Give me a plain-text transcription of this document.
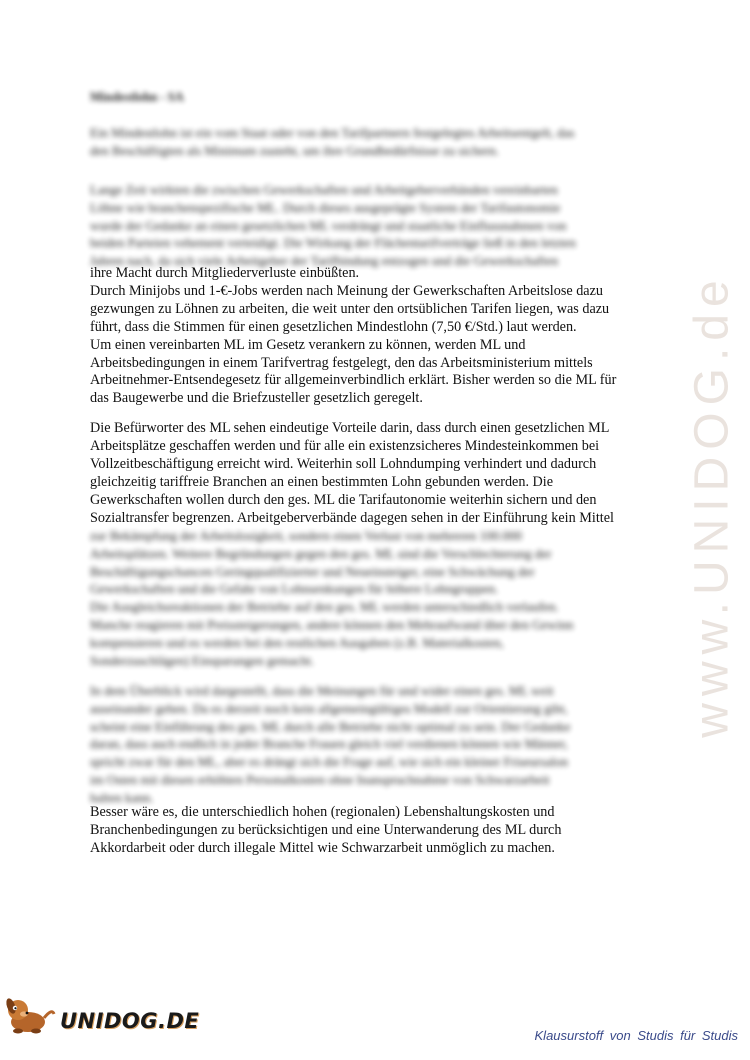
Mindestlohn - SA
Ein Mindestlohn ist ein vom Staat oder von den Tarifpartnern festgelegtes Arbeitsentgelt, das
den Beschäftigten als Minimum zusteht, um ihre Grundbedürfnisse zu sichern.
Lange Zeit wirkten die zwischen Gewerkschaften und Arbeitgeberverbänden vereinbarten
Löhne wie branchenspezifische ML. Durch dieses ausgeprägte System der Tarifautonomie
wurde der Gedanke an einen gesetzlichen ML verdrängt und staatliche Einflussnahmen von
beiden Parteien vehement verteidigt. Die Wirkung der Flächentarifverträge ließ in den letzten
Jahren nach, da sich viele Arbeitgeber der Tarifbindung entzogen und die Gewerkschaften
ihre Macht durch Mitgliederverluste einbüßten.
Durch Minijobs und 1-€-Jobs werden nach Meinung der Gewerkschaften Arbeitslose dazu
gezwungen zu Löhnen zu arbeiten, die weit unter den ortsüblichen Tarifen liegen, was dazu
führt, dass die Stimmen für einen gesetzlichen Mindestlohn (7,50 €/Std.) laut werden.
Um einen vereinbarten ML im Gesetz verankern zu können, werden ML und
Arbeitsbedingungen in einem Tarifvertrag festgelegt, den das Arbeitsministerium mittels
Arbeitnehmer-Entsendegesetz für allgemeinverbindlich erklärt. Bisher werden so die ML für
das Baugewerbe und die Briefzusteller gesetzlich geregelt.
Die Befürworter des ML sehen eindeutige Vorteile darin, dass durch einen gesetzlichen ML
Arbeitsplätze geschaffen werden und für alle ein existenzsicheres Mindesteinkommen bei
Vollzeitbeschäftigung erreicht wird. Weiterhin soll Lohndumping verhindert und dadurch
gleichzeitig tariffreie Branchen an einen bestimmten Lohn gebunden werden. Die
Gewerkschaften wollen durch den ges. ML die Tarifautonomie weiterhin sichern und den
Sozialtransfer begrenzen. Arbeitgeberverbände dagegen sehen in der Einführung kein Mittel
zur Bekämpfung der Arbeitslosigkeit, sondern einen Verlust von mehreren 100.000
Arbeitsplätzen. Weitere Begründungen gegen den ges. ML sind die Verschlechterung der
Beschäftigungschancen Geringqualifizierter und Neueinsteiger, eine Schwächung der
Gewerkschaften und die Gefahr von Lohnsenkungen für höhere Lohngruppen.
Die Ausgleichsreaktionen der Betriebe auf den ges. ML werden unterschiedlich verlaufen.
Manche reagieren mit Preissteigerungen, andere können den Mehraufwand über den Gewinn
kompensieren und es werden bei den restlichen Ausgaben (z.B. Materialkosten,
Sonderzuschlägen) Einsparungen gemacht.
In dem Überblick wird dargestellt, dass die Meinungen für und wider einen ges. ML weit
auseinander gehen. Da es derzeit noch kein allgemeingültiges Modell zur Orientierung gibt,
scheint eine Einführung des ges. ML durch alle Betriebe nicht optimal zu sein. Der Gedanke
daran, dass auch endlich in jeder Branche Frauen gleich viel verdienen können wie Männer,
spricht zwar für den ML, aber es drängt sich die Frage auf, wie sich ein kleiner Friseursalon
im Osten mit diesen erhöhten Personalkosten ohne Inanspruchnahme von Schwarzarbeit
halten kann.
Besser wäre es, die unterschiedlich hohen (regionalen) Lebenshaltungskosten und
Branchenbedingungen zu berücksichtigen und eine Unterwanderung des ML durch
Akkordarbeit oder durch illegale Mittel wie Schwarzarbeit unmöglich zu machen.
www.UNIDOG.de
UNIDOG.DE
Klausurstoff von Studis für Studis
